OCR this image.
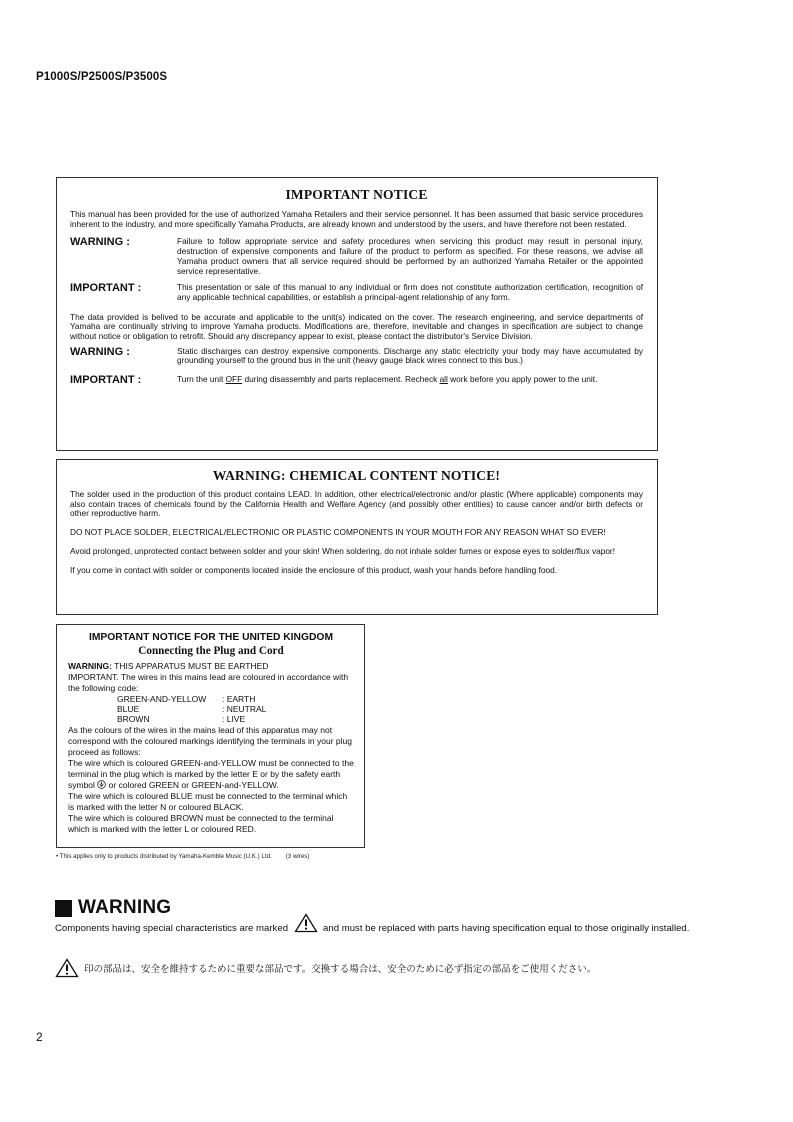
P1000S/P2500S/P3500S
IMPORTANT NOTICE

This manual has been provided for the use of authorized Yamaha Retailers and their service personnel. It has been assumed that basic service procedures inherent to the industry, and more specifically Yamaha Products, are already known and understood by the users, and have therefore not been restated.

WARNING :	Failure to follow appropriate service and safety procedures when servicing this product may result in personal injury, destruction of expensive components and failure of the product to perform as specified. For these reasons, we advise all Yamaha product owners that all service required should be performed by an authorized Yamaha Retailer or the appointed service representative.
IMPORTANT :	This presentation or sale of this manual to any individual or firm does not constitute authorization certification, recognition of any applicable technical capabilities, or establish a principal-agent relationship of any form.

The data provided is belived to be accurate and applicable to the unit(s) indicated on the cover. The research engineering, and service departments of Yamaha are continually striving to improve Yamaha products. Modifications are, therefore, inevitable and changes in specification are subject to change without notice or obligation to retrofit. Should any discrepancy appear to exist, please contact the distributor's Service Division.

WARNING :	Static discharges can destroy expensive components. Discharge any static electricity your body may have accumulated by grounding yourself to the ground bus in the unit (heavy gauge black wires connect to this bus.)
IMPORTANT :	Turn the unit OFF during disassembly and parts replacement. Recheck all work before you apply power to the unit.
WARNING: CHEMICAL CONTENT NOTICE!

The solder used in the production of this product contains LEAD. In addition, other electrical/electronic and/or plastic (Where applicable) components may also contain traces of chemicals found by the California Health and Welfare Agency (and possibly other entities) to cause cancer and/or birth defects or other reproductive harm.

DO NOT PLACE SOLDER, ELECTRICAL/ELECTRONIC OR PLASTIC COMPONENTS IN YOUR MOUTH FOR ANY REASON WHAT SO EVER!

Avoid prolonged, unprotected contact between solder and your skin! When soldering, do not inhale solder fumes or expose eyes to solder/flux vapor!

If you come in contact with solder or components located inside the enclosure of this product, wash your hands before handling food.

IMPORTANT NOTICE FOR THE UNITED KINGDOM
Connecting the Plug and Cord

WARNING: THIS APPARATUS MUST BE EARTHED

IMPORTANT. The wires in this mains lead are coloured in accordance with the following code:

GREEN-AND-YELLOW	: EARTH
BLUE	: NEUTRAL
BROWN	: LIVE

As the colours of the wires in the mains lead of this apparatus may not correspond with the coloured markings identifying the terminals in your plug proceed as follows:

The wire which is coloured GREEN-and-YELLOW must be connected to the terminal in the plug which is marked by the letter E or by the safety earth symbol  or colored GREEN or GREEN-and-YELLOW.

The wire which is coloured BLUE must be connected to the terminal which is marked with the letter N or coloured BLACK.

The wire which is coloured BROWN must be connected to the terminal which is marked with the letter L or coloured RED.

• This applies only to products distributed by Yamaha-Kemble Music (U.K.) Ltd. (3 wires)
WARNING
Components having special characteristics are marked	and must be replaced with parts having specification equal to those originally installed.
印の部品は、安全を維持するために重要な部品です。交換する場合は、安全のために必ず指定の部品をご使用ください。
2
